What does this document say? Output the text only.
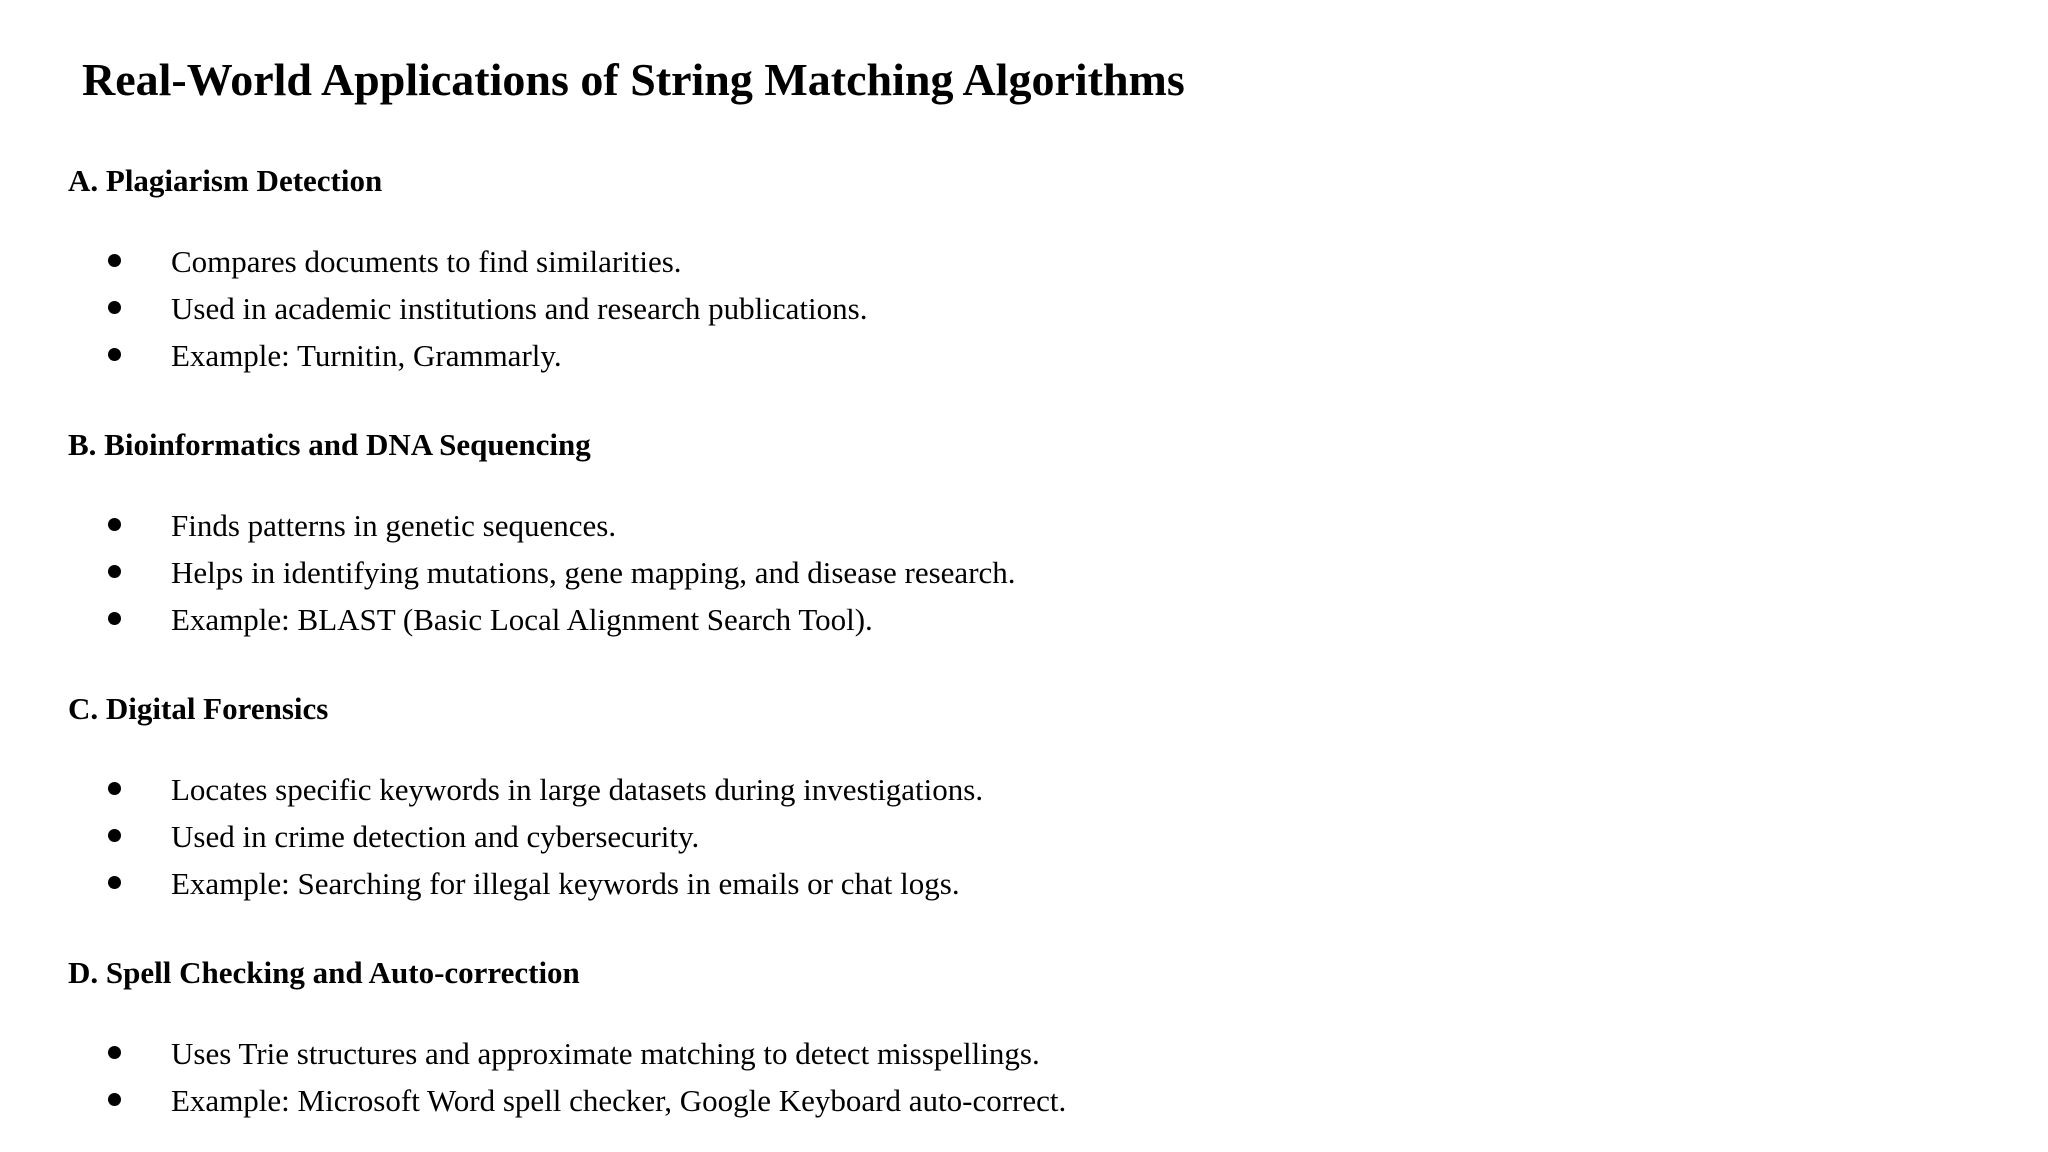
Real-World Applications of String Matching Algorithms
A. Plagiarism Detection
Compares documents to find similarities.
Used in academic institutions and research publications.
Example: Turnitin, Grammarly.
B. Bioinformatics and DNA Sequencing
Finds patterns in genetic sequences.
Helps in identifying mutations, gene mapping, and disease research.
Example: BLAST (Basic Local Alignment Search Tool).
C. Digital Forensics
Locates specific keywords in large datasets during investigations.
Used in crime detection and cybersecurity.
Example: Searching for illegal keywords in emails or chat logs.
D. Spell Checking and Auto-correction
Uses Trie structures and approximate matching to detect misspellings.
Example: Microsoft Word spell checker, Google Keyboard auto-correct.
